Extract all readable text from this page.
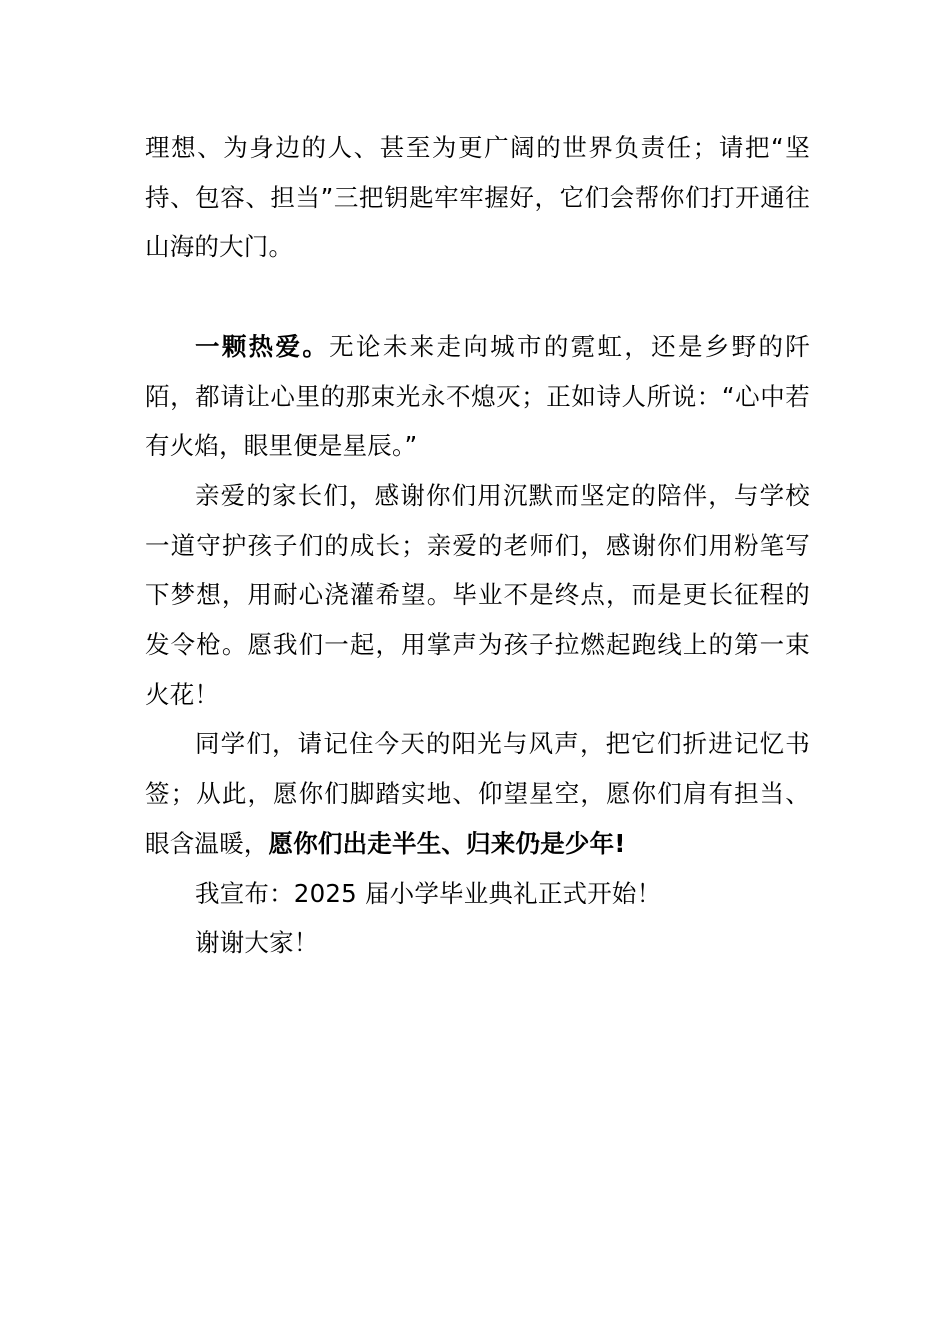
理想、为身边的人、甚至为更广阔的世界负责任；请把“坚持、包容、担当”三把钥匙牢牢握好，它们会帮你们打开通往山海的大门。

一颗热爱。无论未来走向城市的霓虹，还是乡野的阡陌，都请让心里的那束光永不熄灭；正如诗人所说：“心中若有火焰，眼里便是星辰。”

亲爱的家长们，感谢你们用沉默而坚定的陪伴，与学校一道守护孩子们的成长；亲爱的老师们，感谢你们用粉笔写下梦想，用耐心浇灌希望。毕业不是终点，而是更长征程的发令枪。愿我们一起，用掌声为孩子拉燃起跑线上的第一束火花！

同学们，请记住今天的阳光与风声，把它们折进记忆书签；从此，愿你们脚踏实地、仰望星空，愿你们肩有担当、眼含温暖，愿你们出走半生、归来仍是少年!

我宣布：2025 届小学毕业典礼正式开始！

谢谢大家！
